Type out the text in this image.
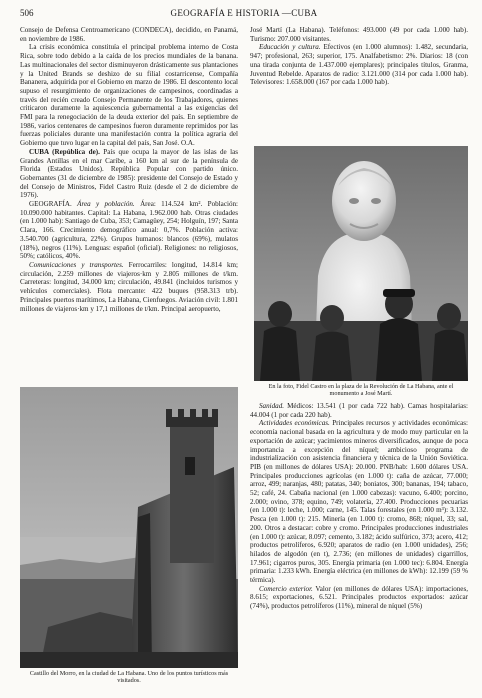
506	GEOGRAFÍA E HISTORIA —CUBA

Consejo de Defensa Centroamericano (CONDECA), decidido, en Panamá, en noviembre de 1986.

La crisis económica constituía el principal problema interno de Costa Rica, sobre todo debido a la caída de los precios mundiales de la banana. Las multinacionales del sector disminuyeron drásticamente sus plantaciones y la United Brands se deshizo de su filial costarricense, Compañía Bananera, adquirida por el Gobierno en marzo de 1986. El descontento local supuso el resurgimiento de organizaciones de campesinos, coordinadas a través del recién creado Consejo Permanente de los Trabajadores, quienes criticaron duramente la aquiescencia gubernamental a las exigencias del FMI para la renegociación de la deuda exterior del país. En septiembre de 1986, varios centenares de campesinos fueron duramente reprimidos por las fuerzas policiales durante una manifestación contra la política agraria del Gobierno que tuvo lugar en la capital del país, San José. O.A.

CUBA (República de). País que ocupa la mayor de las islas de las Grandes Antillas en el mar Caribe, a 160 km al sur de la península de Florida (Estados Unidos). República Popular con partido único. Gobernantes (31 de diciembre de 1985): presidente del Consejo de Estado y del Consejo de Ministros, Fidel Castro Ruiz (desde el 2 de diciembre de 1976).

GEOGRAFÍA. Área y población. Área: 114.524 km². Población: 10.090.000 habitantes. Capital: La Habana, 1.962.000 hab. Otras ciudades (en 1.000 hab): Santiago de Cuba, 353; Camagüey, 254; Holguín, 197; Santa Clara, 166. Crecimiento demográfico anual: 0,7%. Población activa: 3.540.700 (agricultura, 22%). Grupos humanos: blancos (69%), mulatos (18%), negros (11%). Lenguas: español (oficial). Religiones: no religiosos, 50%; católicos, 40%.

Comunicaciones y transportes. Ferrocarriles: longitud, 14.814 km; circulación, 2.259 millones de viajeros·km y 2.805 millones de t/km. Carreteras: longitud, 34.000 km; circulación, 49.841 (incluidos turismos y vehículos comerciales). Flota mercante: 422 buques (958.313 trb). Principales puertos marítimos, La Habana, Cienfuegos. Aviación civil: 1.801 millones de viajeros·km y 17,1 millones de t/km. Principal aeropuerto,

Castillo del Morro, en la ciudad de La Habana. Uno de los puntos turísticos más visitados.

José Martí (La Habana). Teléfonos: 493.000 (49 por cada 1.000 hab). Turismo: 207.000 visitantes.

Educación y cultura. Efectivos (en 1.000 alumnos): 1.482, secundaria, 947; profesional, 263; superior, 175. Analfabetismo: 2%. Diarios: 18 (con una tirada conjunta de 1.437.000 ejemplares); principales títulos, Granma, Juventud Rebelde. Aparatos de radio: 3.121.000 (314 por cada 1.000 hab). Televisores: 1.658.000 (167 por cada 1.000 hab).

En la foto, Fidel Castro en la plaza de la Revolución de La Habana, ante el monumento a José Martí.

Sanidad. Médicos: 13.541 (1 por cada 722 hab). Camas hospitalarias: 44.004 (1 por cada 220 hab).

Actividades económicas. Principales recursos y actividades económicas: economía nacional basada en la agricultura y de modo muy particular en la exportación de azúcar; yacimientos mineros diversificados, aunque de poca importancia a excepción del níquel; ambicioso programa de industrialización con asistencia financiera y técnica de la Unión Soviética. PIB (en millones de dólares USA): 20.000. PNB/hab: 1.600 dólares USA. Principales producciones agrícolas (en 1.000 t): caña de azúcar, 77.000; arroz, 499; naranjas, 480; patatas, 340; boniatos, 300; bananas, 194; tabaco, 52; café, 24. Cabaña nacional (en 1.000 cabezas): vacuno, 6.400; porcino, 2.000; ovino, 378; equino, 749; volatería, 27.400. Producciones pecuarias (en 1.000 t): leche, 1.000; carne, 145. Talas forestales (en 1.000 m³): 3.132. Pesca (en 1.000 t): 215. Minería (en 1.000 t): cromo, 868; níquel, 33; sal, 200. Otros a destacar: cobre y cromo. Principales producciones industriales (en 1.000 t): azúcar, 8.097; cemento, 3.182; ácido sulfúrico, 373; acero, 412; productos petrolíferos, 6.920; aparatos de radio (en 1.000 unidades), 256; hilados de algodón (en t), 2.736; (en millones de unidades) cigarrillos, 17.961; cigarros puros, 305. Energía primaria (en 1.000 tec): 6.804. Energía primaria: 1.233 kWh. Energía eléctrica (en millones de kWh): 12.199 (59 % térmica).

Comercio exterior. Valor (en millones de dólares USA): importaciones, 8.615; exportaciones, 6.521. Principales productos exportados: azúcar (74%), productos petrolíferos (11%), mineral de níquel (5%)
